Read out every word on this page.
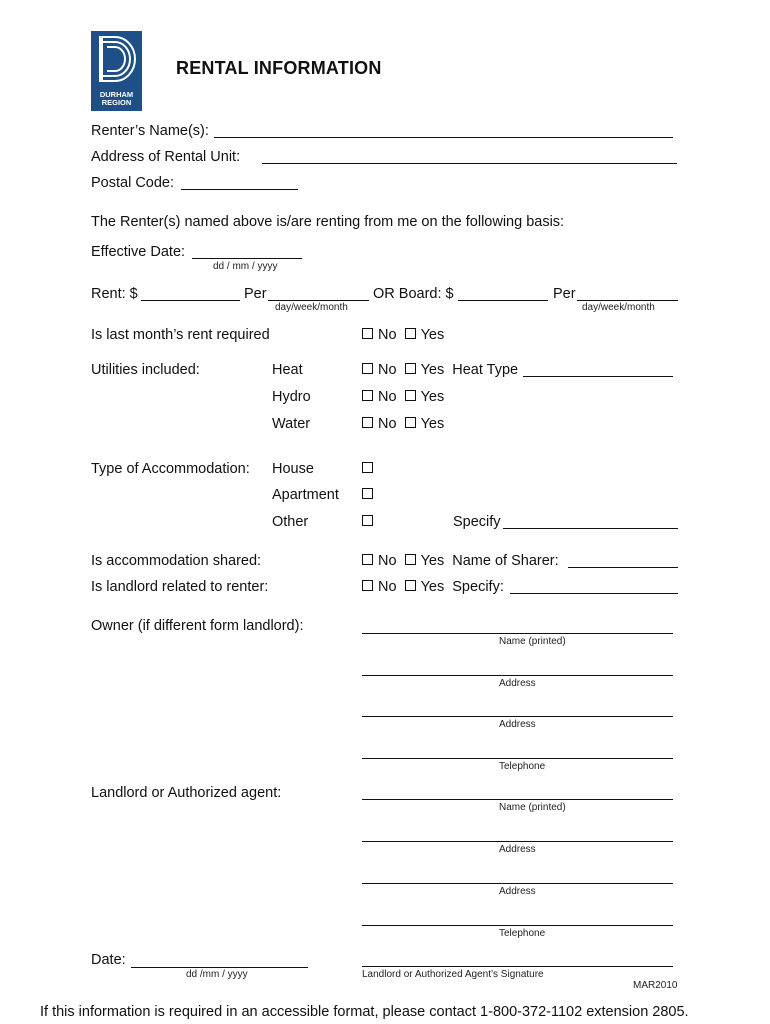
DURHAM
REGION
RENTAL INFORMATION
Renter’s Name(s):
Address of Rental Unit:
Postal Code:
The Renter(s) named above is/are renting from me on the following basis:
Effective Date:
dd / mm / yyyy
Rent: $	Per
day/week/month
OR Board: $	Per
day/week/month
Is last month’s rent required	No Yes
Utilities included:	Heat	No Yes Heat Type
Hydro	No Yes
Water	No Yes
Type of Accommodation: House
Apartment
Other	Specify
Is accommodation shared:	No Yes Name of Sharer:
Is landlord related to renter:	No Yes Specify:
Owner (if different form landlord):
Name (printed)
Address
Address
Telephone
Landlord or Authorized agent:
Name (printed)
Address
Address
Telephone
Date:
dd /mm / yyyy	Landlord or Authorized Agent’s Signature
MAR2010
If this information is required in an accessible format, please contact 1-800-372-1102 extension 2805.
